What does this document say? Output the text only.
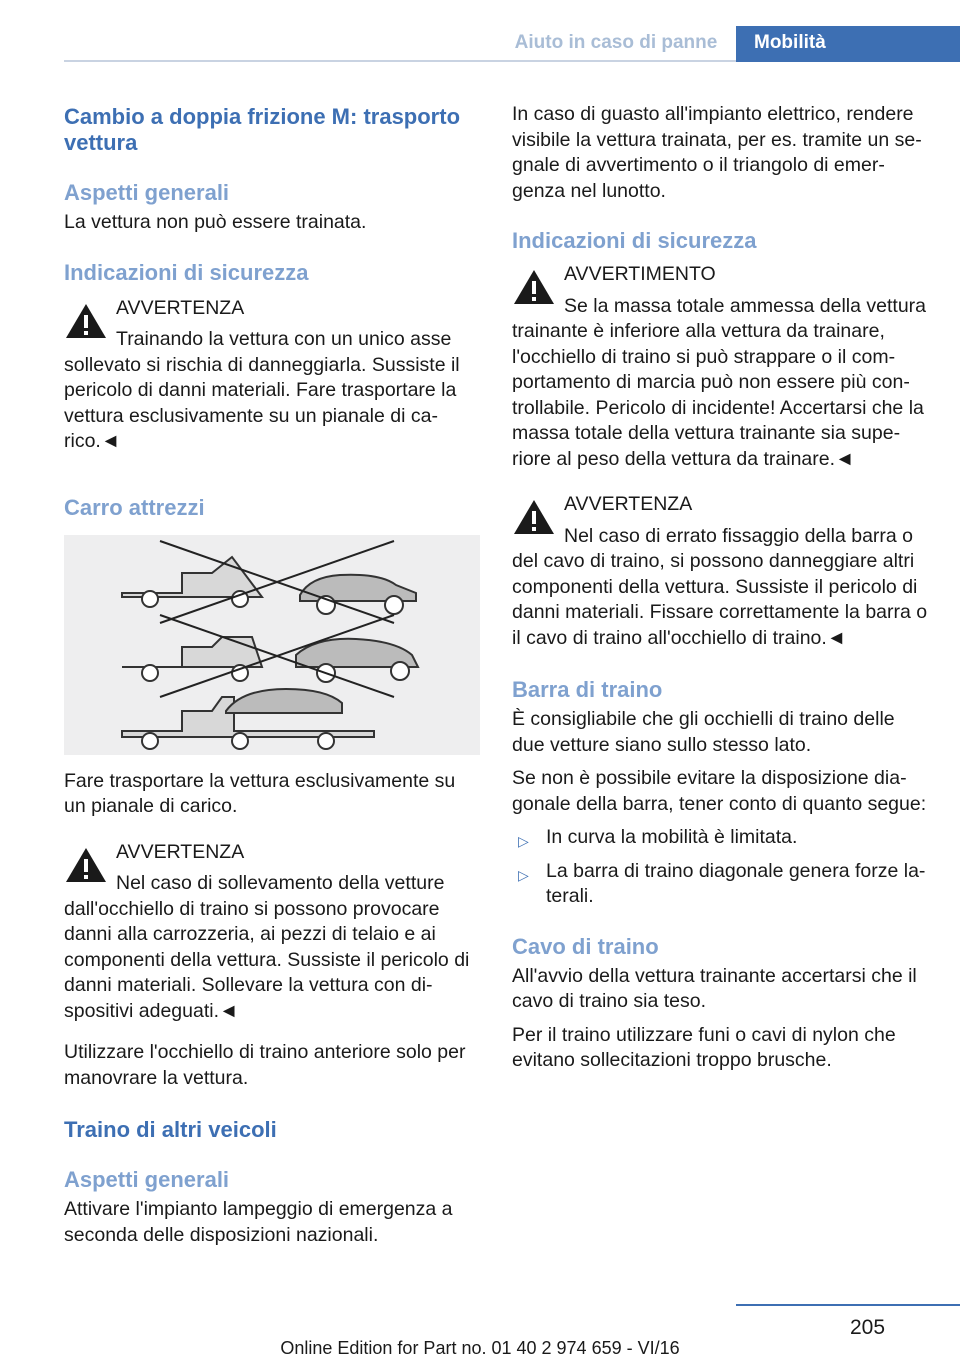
Aiuto in caso di panne	Mobilità
Cambio a doppia frizione M: trasporto vettura
Aspetti generali

La vettura non può essere trainata.

Indicazioni di sicurezza

AVVERTENZA

Trainando la vettura con un unico asse sollevato si rischia di danneggiarla. Sussiste il pericolo di danni materiali. Fare trasportare la vettura esclusivamente su un pianale di carico.◄

Carro attrezzi

Fare trasportare la vettura esclusivamente su un pianale di carico.

AVVERTENZA

Nel caso di sollevamento della vetture dall'occhiello di traino si possono provocare danni alla carrozzeria, ai pezzi di telaio e ai componenti della vettura. Sussiste il pericolo di danni materiali. Sollevare la vettura con dispositivi adeguati.◄

Utilizzare l'occhiello di traino anteriore solo per manovrare la vettura.

Traino di altri veicoli
Aspetti generali

Attivare l'impianto lampeggio di emergenza a seconda delle disposizioni nazionali.

In caso di guasto all'impianto elettrico, rendere visibile la vettura trainata, per es. tramite un segnale di avvertimento o il triangolo di emergenza nel lunotto.

Indicazioni di sicurezza

AVVERTIMENTO

Se la massa totale ammessa della vettura trainante è inferiore alla vettura da trainare, l'occhiello di traino si può strappare o il comportamento di marcia può non essere più controllabile. Pericolo di incidente! Accertarsi che la massa totale della vettura trainante sia superiore al peso della vettura da trainare.◄

AVVERTENZA

Nel caso di errato fissaggio della barra o del cavo di traino, si possono danneggiare altri componenti della vettura. Sussiste il pericolo di danni materiali. Fissare correttamente la barra o il cavo di traino all'occhiello di traino.◄

Barra di traino

È consigliabile che gli occhielli di traino delle due vetture siano sullo stesso lato.

Se non è possibile evitare la disposizione diagonale della barra, tener conto di quanto segue:

▷ In curva la mobilità è limitata.
▷ La barra di traino diagonale genera forze laterali.
Cavo di traino

All'avvio della vettura trainante accertarsi che il cavo di traino sia teso.

Per il traino utilizzare funi o cavi di nylon che evitano sollecitazioni troppo brusche.

205
Online Edition for Part no. 01 40 2 974 659 - VI/16
